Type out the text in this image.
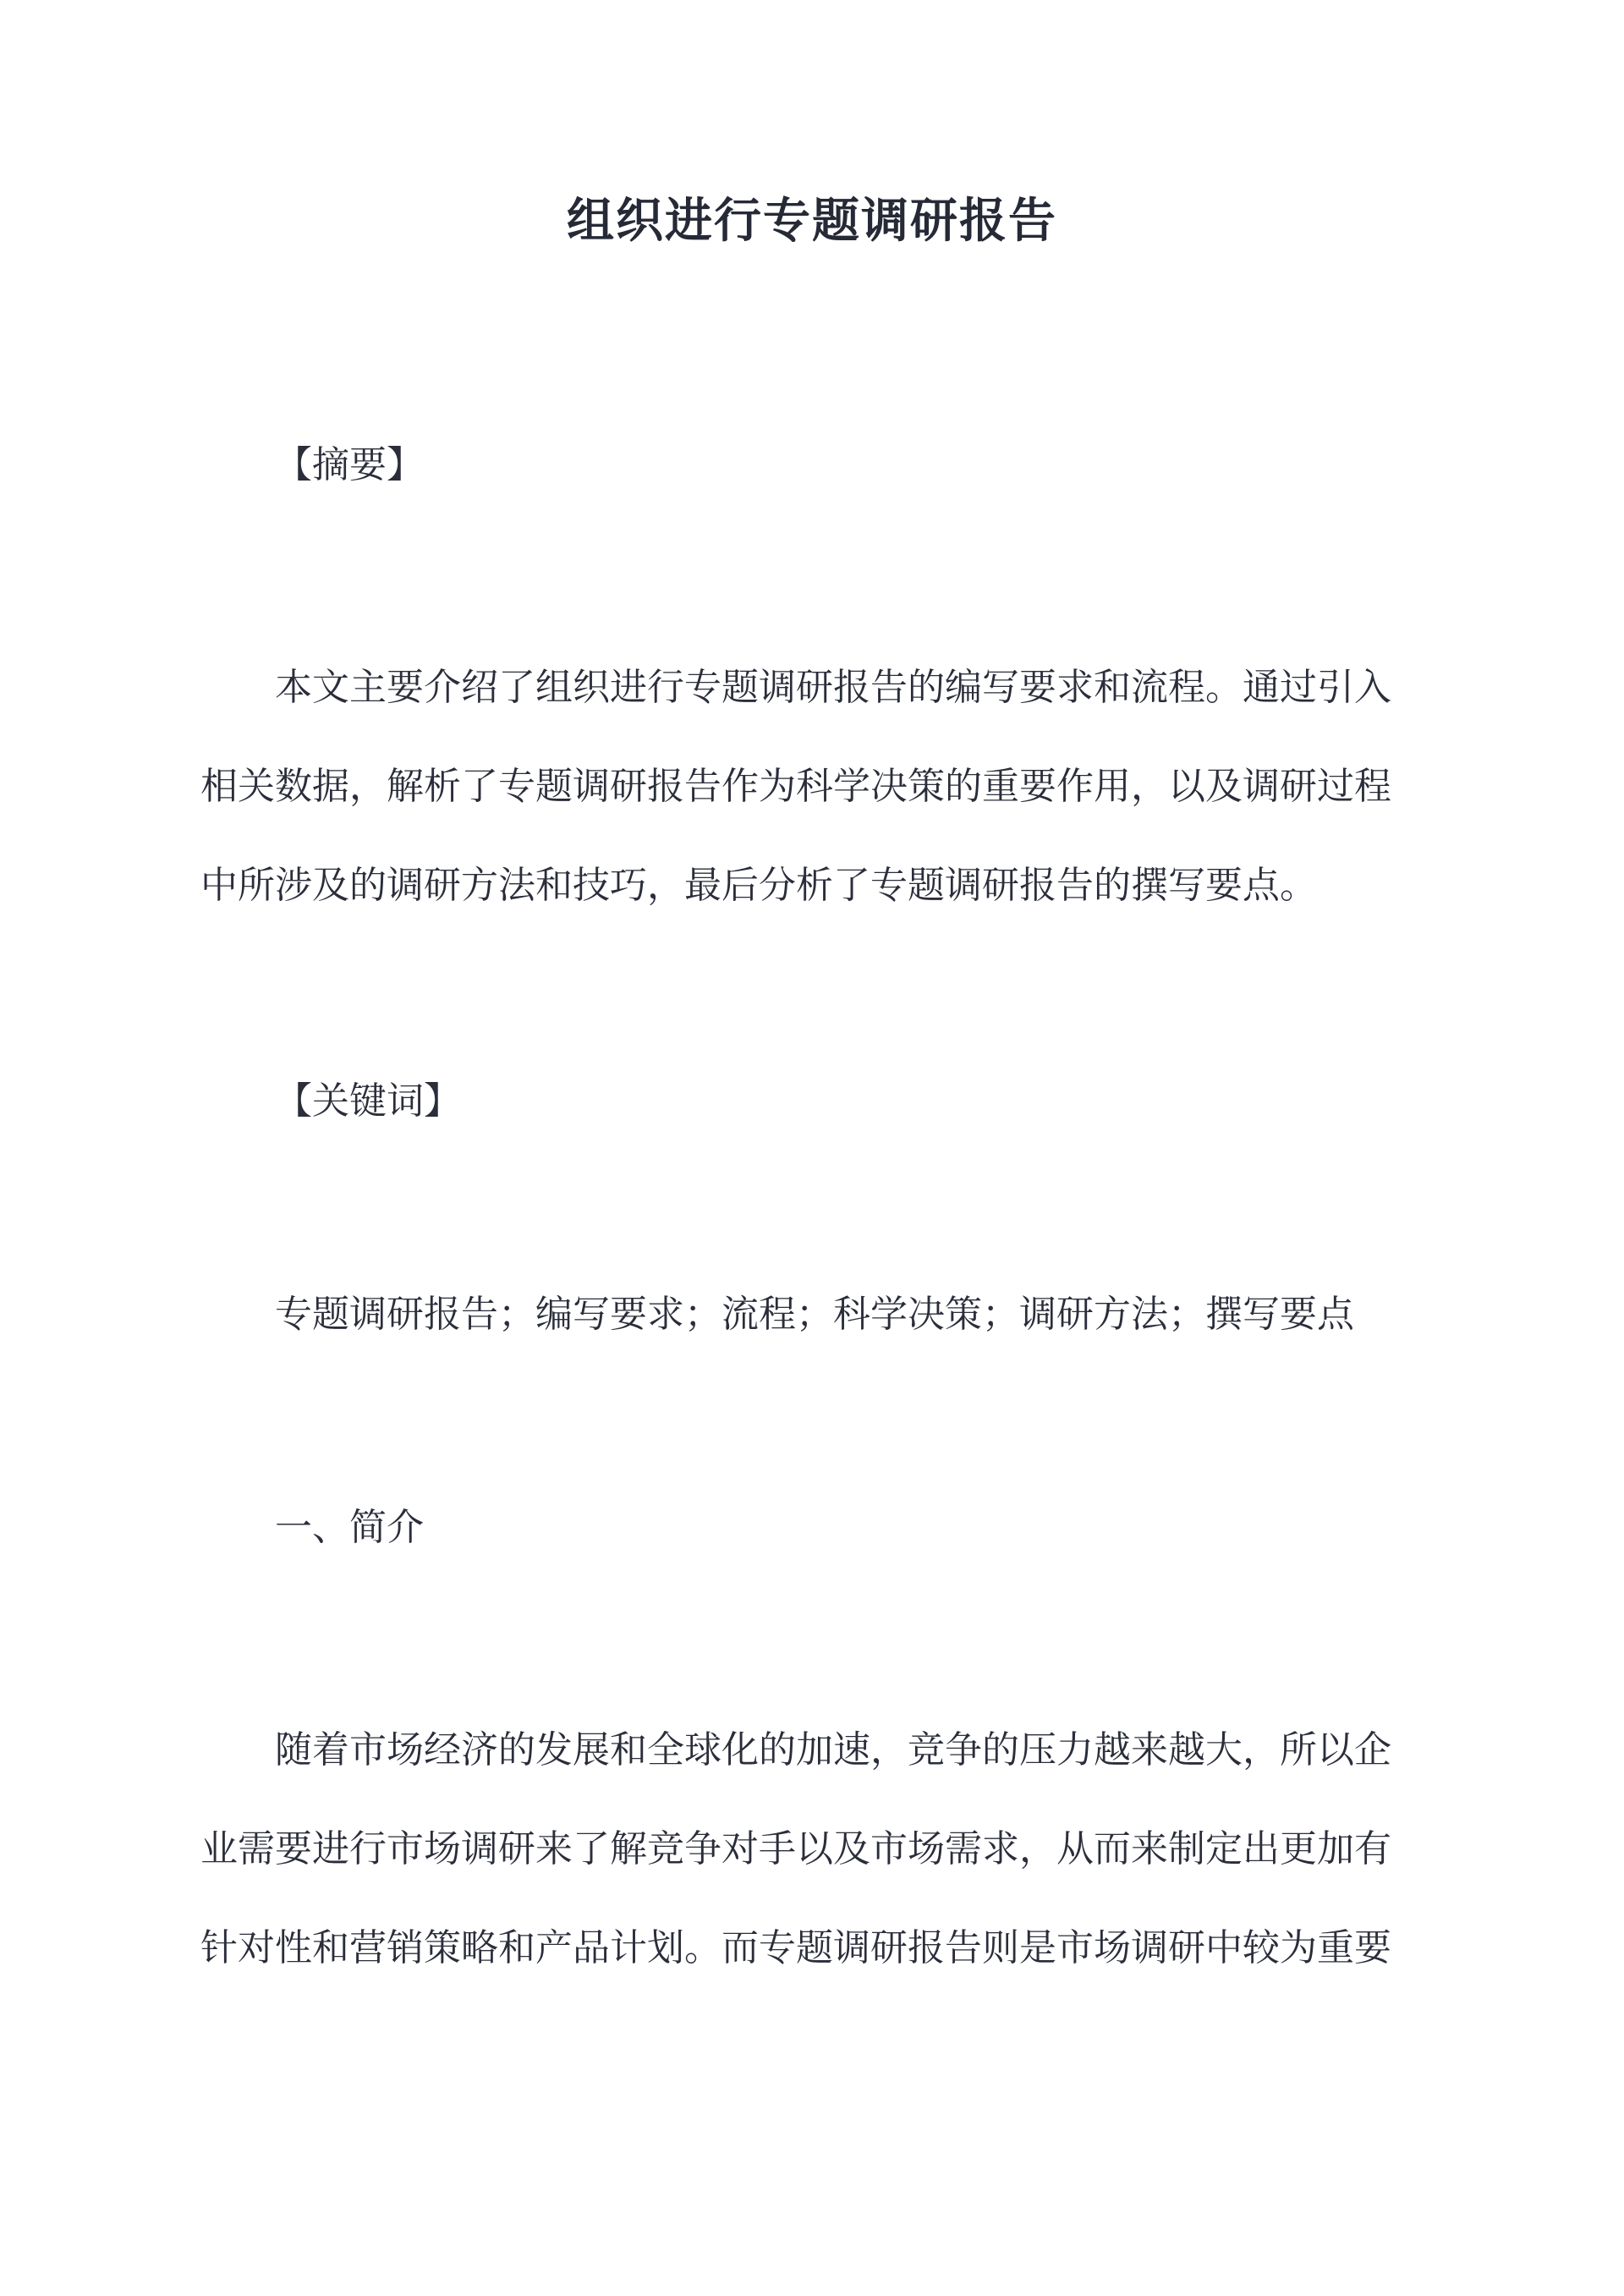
组织进行专题调研报告
【摘要】
本文主要介绍了组织进行专题调研报告的编写要求和流程。通过引入
相关数据，解析了专题调研报告作为科学决策的重要作用，以及调研过程
中所涉及的调研方法和技巧，最后分析了专题调研报告的撰写要点。
【关键词】
专题调研报告；编写要求；流程；科学决策；调研方法；撰写要点
一、简介
随着市场经济的发展和全球化的加速，竞争的压力越来越大，所以企
业需要进行市场调研来了解竞争对手以及市场需求，从而来制定出更加有
针对性和营销策略和产品计划。而专题调研报告则是市场调研中较为重要
